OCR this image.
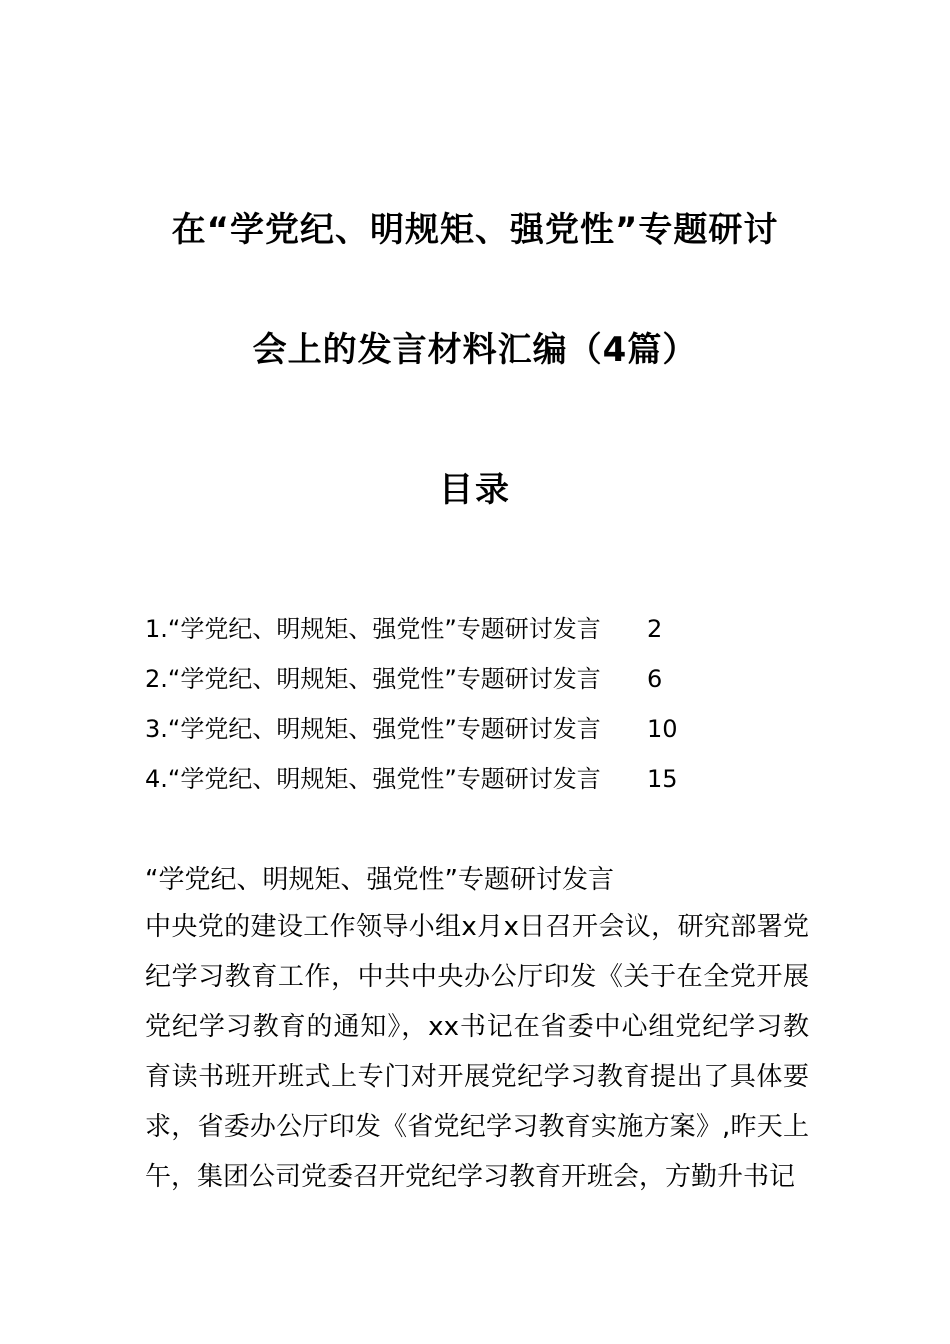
在“学党纪、明规矩、强党性”专题研讨
会上的发言材料汇编（4篇）
目录
1.“学党纪、明规矩、强党性”专题研讨发言 2
2.“学党纪、明规矩、强党性”专题研讨发言 6
3.“学党纪、明规矩、强党性”专题研讨发言 10
4.“学党纪、明规矩、强党性”专题研讨发言 15
“学党纪、明规矩、强党性”专题研讨发言

中央党的建设工作领导小组x月x日召开会议，研究部署党纪学习教育工作，中共中央办公厅印发《关于在全党开展党纪学习教育的通知》，xx书记在省委中心组党纪学习教育读书班开班式上专门对开展党纪学习教育提出了具体要求，省委办公厅印发《省党纪学习教育实施方案》,昨天上午，集团公司党委召开党纪学习教育开班会，方勤升书记
